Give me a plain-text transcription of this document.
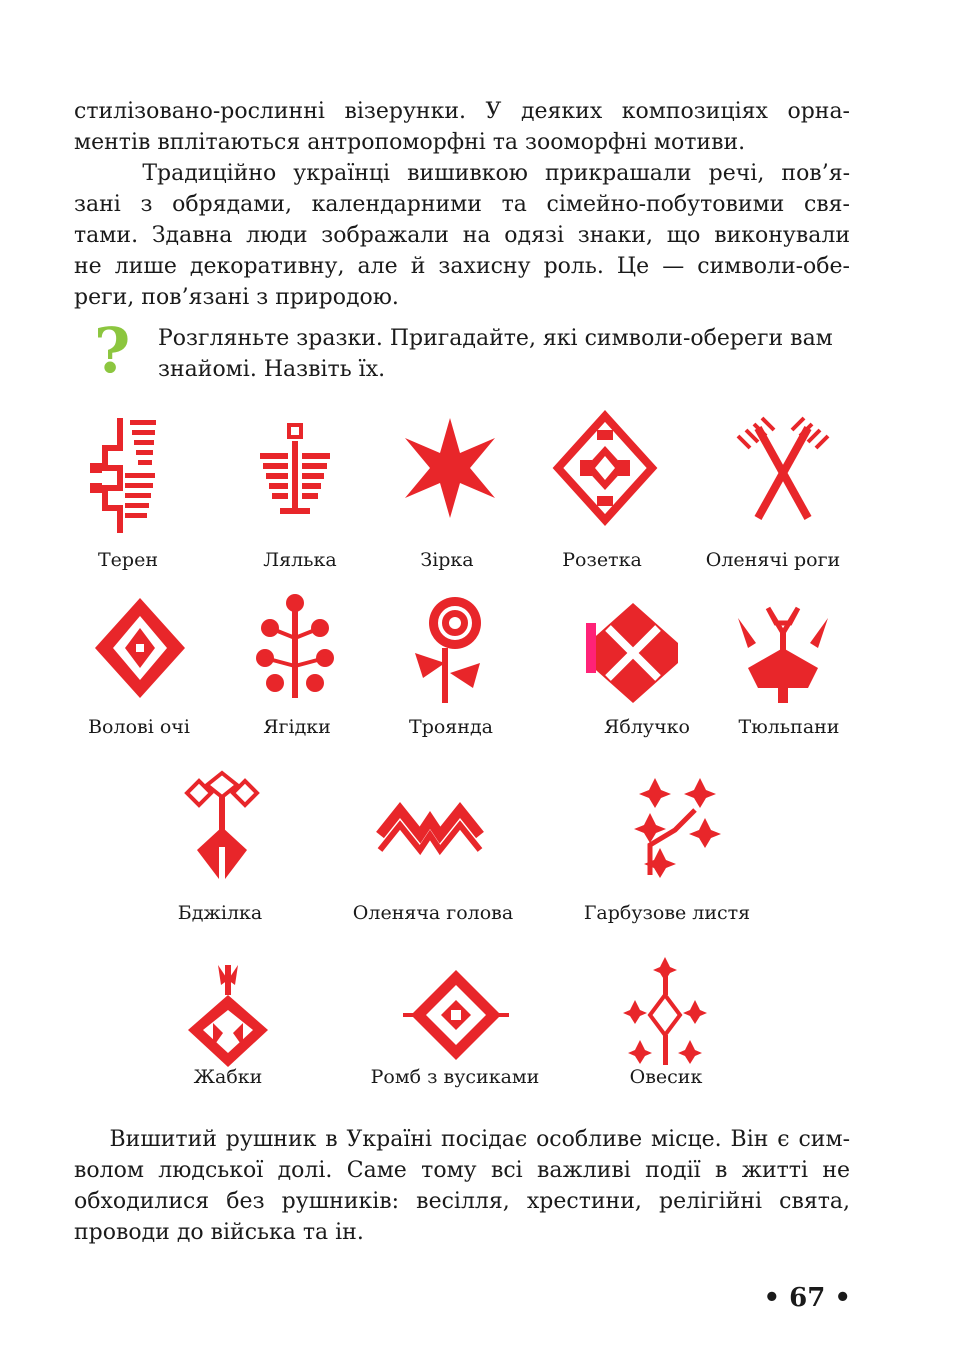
стилізовано-рослинні візерунки. У деяких композиціях орна-
ментів вплітаються антропоморфні та зооморфні мотиви.
Традиційно українці вишивкою прикрашали речі, пов’я-
зані з обрядами, календарними та сімейно-побутовими свя-
тами. Здавна люди зображали на одязі знаки, що виконували
не лише декоративну, але й захисну роль. Це — символи-обе-
реги, пов’язані з природою.
? Розгляньте зразки. Пригадайте, які символи-обереги вам
знайомі. Назвіть їх.
Терен	Лялька	Зірка	Розетка	Оленячі роги
Волові очі	Ягідки	Троянда	Яблучко	Тюльпани
Бджілка	Оленяча голова	Гарбузове листя
Жабки	Ромб з вусиками	Овесик
Вишитий рушник в Україні посідає особливе місце. Він є сим-
волом людської долі. Саме тому всі важливі події в житті не
обходилися без рушників: весілля, хрестини, релігійні свята,
проводи до війська та ін.
• 67 •
